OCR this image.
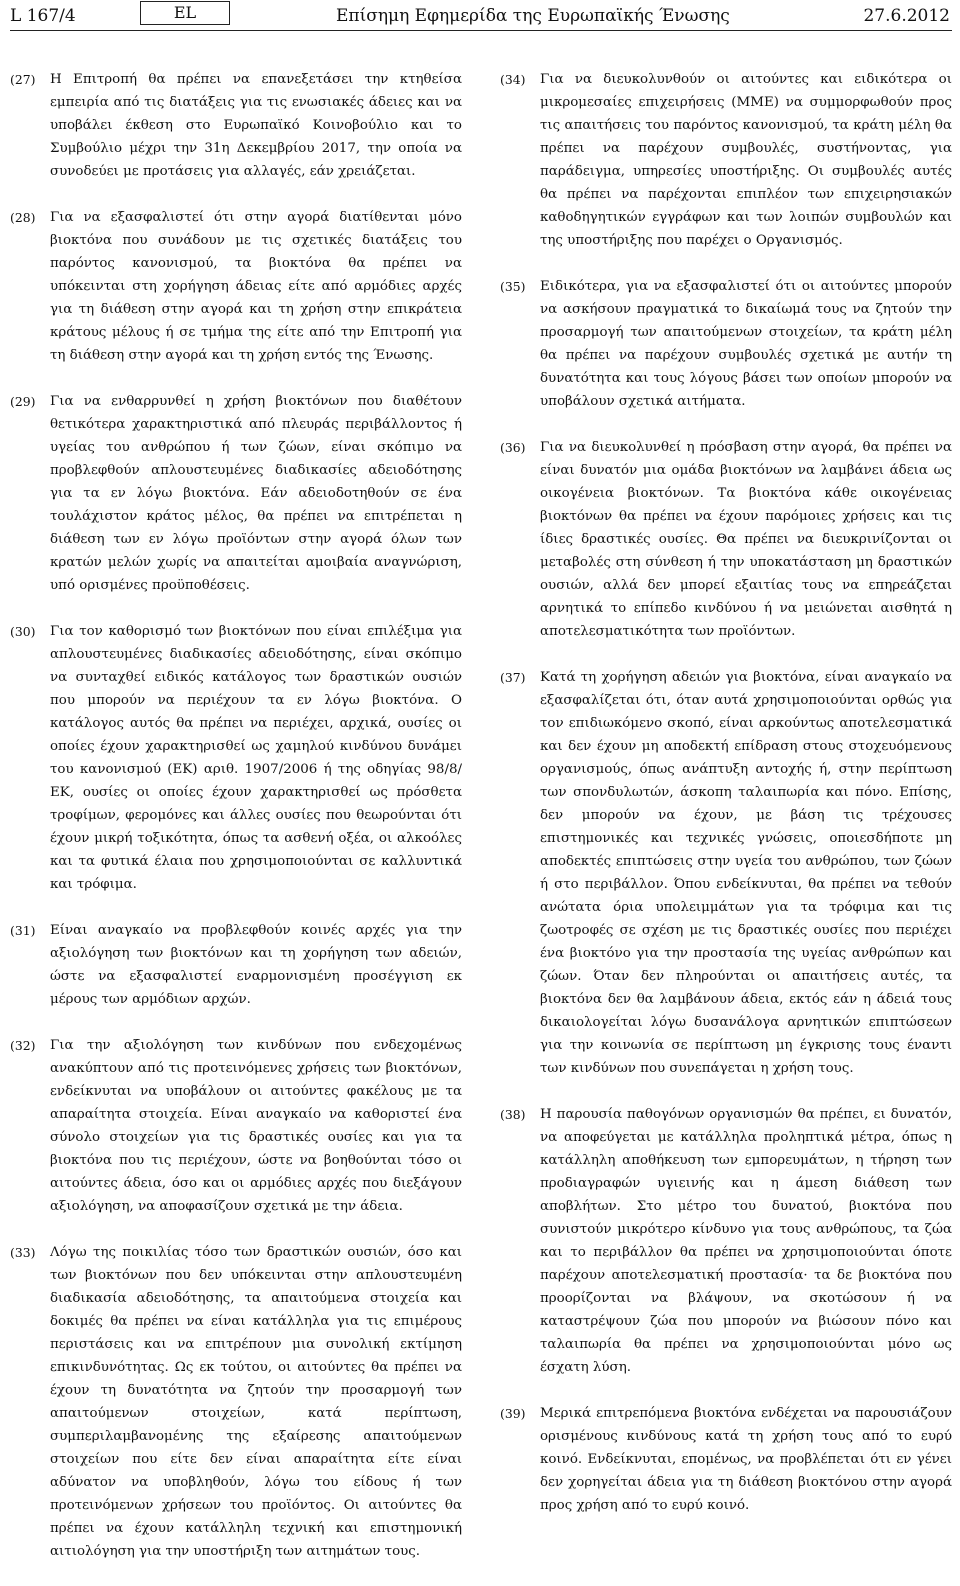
L 167/4	EL	Επίσημη Εφημερίδα της Ευρωπαϊκής Ένωσης	27.6.2012
(27)	Η Επιτροπή θα πρέπει να επανεξετάσει την κτηθείσα εμπειρία από τις διατάξεις για τις ενωσιακές άδειες και να υποβάλει έκθεση στο Ευρωπαϊκό Κοινοβούλιο και το Συμβούλιο μέχρι την 31η Δεκεμβρίου 2017, την οποία να συνοδεύει με προτάσεις για αλλαγές, εάν χρειάζεται.
(28)	Για να εξασφαλιστεί ότι στην αγορά διατίθενται μόνο βιοκτόνα που συνάδουν με τις σχετικές διατάξεις του παρόντος κανονισμού, τα βιοκτόνα θα πρέπει να υπόκεινται στη χορήγηση άδειας είτε από αρμόδιες αρχές για τη διάθεση στην αγορά και τη χρήση στην επικράτεια κράτους μέλους ή σε τμήμα της είτε από την Επιτροπή για τη διάθεση στην αγορά και τη χρήση εντός της Ένωσης.
(29)	Για να ενθαρρυνθεί η χρήση βιοκτόνων που διαθέτουν θετικότερα χαρακτηριστικά από πλευράς περιβάλλοντος ή υγείας του ανθρώπου ή των ζώων, είναι σκόπιμο να προβλεφθούν απλουστευμένες διαδικασίες αδειοδότησης για τα εν λόγω βιοκτόνα. Εάν αδειοδοτηθούν σε ένα τουλάχιστον κράτος μέλος, θα πρέπει να επιτρέπεται η διάθεση των εν λόγω προϊόντων στην αγορά όλων των κρατών μελών χωρίς να απαιτείται αμοιβαία αναγνώριση, υπό ορισμένες προϋποθέσεις.
(30)	Για τον καθορισμό των βιοκτόνων που είναι επιλέξιμα για απλουστευμένες διαδικασίες αδειοδότησης, είναι σκόπιμο να συνταχθεί ειδικός κατάλογος των δραστικών ουσιών που μπορούν να περιέχουν τα εν λόγω βιοκτόνα. Ο κατάλογος αυτός θα πρέπει να περιέχει, αρχικά, ουσίες οι οποίες έχουν χαρακτηρισθεί ως χαμηλού κινδύνου δυνάμει του κανονισμού (ΕΚ) αριθ. 1907/2006 ή της οδηγίας 98/8/ΕΚ, ουσίες οι οποίες έχουν χαρακτηρισθεί ως πρόσθετα τροφίμων, φερομόνες και άλλες ουσίες που θεωρούνται ότι έχουν μικρή τοξικότητα, όπως τα ασθενή οξέα, οι αλκοόλες και τα φυτικά έλαια που χρησιμοποιούνται σε καλλυντικά και τρόφιμα.
(31)	Είναι αναγκαίο να προβλεφθούν κοινές αρχές για την αξιολόγηση των βιοκτόνων και τη χορήγηση των αδειών, ώστε να εξασφαλιστεί εναρμονισμένη προσέγγιση εκ μέρους των αρμόδιων αρχών.
(32)	Για την αξιολόγηση των κινδύνων που ενδεχομένως ανακύπτουν από τις προτεινόμενες χρήσεις των βιοκτόνων, ενδείκνυται να υποβάλουν οι αιτούντες φακέλους με τα απαραίτητα στοιχεία. Είναι αναγκαίο να καθοριστεί ένα σύνολο στοιχείων για τις δραστικές ουσίες και για τα βιοκτόνα που τις περιέχουν, ώστε να βοηθούνται τόσο οι αιτούντες άδεια, όσο και οι αρμόδιες αρχές που διεξάγουν αξιολόγηση, να αποφασίζουν σχετικά με την άδεια.
(33)	Λόγω της ποικιλίας τόσο των δραστικών ουσιών, όσο και των βιοκτόνων που δεν υπόκεινται στην απλουστευμένη διαδικασία αδειοδότησης, τα απαιτούμενα στοιχεία και δοκιμές θα πρέπει να είναι κατάλληλα για τις επιμέρους περιστάσεις και να επιτρέπουν μια συνολική εκτίμηση επικινδυνότητας. Ως εκ τούτου, οι αιτούντες θα πρέπει να έχουν τη δυνατότητα να ζητούν την προσαρμογή των απαιτούμενων στοιχείων, κατά περίπτωση, συμπεριλαμβανομένης της εξαίρεσης απαιτούμενων στοιχείων που είτε δεν είναι απαραίτητα είτε είναι αδύνατον να υποβληθούν, λόγω του είδους ή των προτεινόμενων χρήσεων του προϊόντος. Οι αιτούντες θα πρέπει να έχουν κατάλληλη τεχνική και επιστημονική αιτιολόγηση για την υποστήριξη των αιτημάτων τους.
(34)	Για να διευκολυνθούν οι αιτούντες και ειδικότερα οι μικρομεσαίες επιχειρήσεις (ΜΜΕ) να συμμορφωθούν προς τις απαιτήσεις του παρόντος κανονισμού, τα κράτη μέλη θα πρέπει να παρέχουν συμβουλές, συστήνοντας, για παράδειγμα, υπηρεσίες υποστήριξης. Οι συμβουλές αυτές θα πρέπει να παρέχονται επιπλέον των επιχειρησιακών καθοδηγητικών εγγράφων και των λοιπών συμβουλών και της υποστήριξης που παρέχει ο Οργανισμός.
(35)	Ειδικότερα, για να εξασφαλιστεί ότι οι αιτούντες μπορούν να ασκήσουν πραγματικά το δικαίωμά τους να ζητούν την προσαρμογή των απαιτούμενων στοιχείων, τα κράτη μέλη θα πρέπει να παρέχουν συμβουλές σχετικά με αυτήν τη δυνατότητα και τους λόγους βάσει των οποίων μπορούν να υποβάλουν σχετικά αιτήματα.
(36)	Για να διευκολυνθεί η πρόσβαση στην αγορά, θα πρέπει να είναι δυνατόν μια ομάδα βιοκτόνων να λαμβάνει άδεια ως οικογένεια βιοκτόνων. Τα βιοκτόνα κάθε οικογένειας βιοκτόνων θα πρέπει να έχουν παρόμοιες χρήσεις και τις ίδιες δραστικές ουσίες. Θα πρέπει να διευκρινίζονται οι μεταβολές στη σύνθεση ή την υποκατάσταση μη δραστικών ουσιών, αλλά δεν μπορεί εξαιτίας τους να επηρεάζεται αρνητικά το επίπεδο κινδύνου ή να μειώνεται αισθητά η αποτελεσματικότητα των προϊόντων.
(37)	Κατά τη χορήγηση αδειών για βιοκτόνα, είναι αναγκαίο να εξασφαλίζεται ότι, όταν αυτά χρησιμοποιούνται ορθώς για τον επιδιωκόμενο σκοπό, είναι αρκούντως αποτελεσματικά και δεν έχουν μη αποδεκτή επίδραση στους στοχευόμενους οργανισμούς, όπως ανάπτυξη αντοχής ή, στην περίπτωση των σπονδυλωτών, άσκοπη ταλαιπωρία και πόνο. Επίσης, δεν μπορούν να έχουν, με βάση τις τρέχουσες επιστημονικές και τεχνικές γνώσεις, οποιεσδήποτε μη αποδεκτές επιπτώσεις στην υγεία του ανθρώπου, των ζώων ή στο περιβάλλον. Όπου ενδείκνυται, θα πρέπει να τεθούν ανώτατα όρια υπολειμμάτων για τα τρόφιμα και τις ζωοτροφές σε σχέση με τις δραστικές ουσίες που περιέχει ένα βιοκτόνο για την προστασία της υγείας ανθρώπων και ζώων. Όταν δεν πληρούνται οι απαιτήσεις αυτές, τα βιοκτόνα δεν θα λαμβάνουν άδεια, εκτός εάν η άδειά τους δικαιολογείται λόγω δυσανάλογα αρνητικών επιπτώσεων για την κοινωνία σε περίπτωση μη έγκρισης τους έναντι των κινδύνων που συνεπάγεται η χρήση τους.
(38)	Η παρουσία παθογόνων οργανισμών θα πρέπει, ει δυνατόν, να αποφεύγεται με κατάλληλα προληπτικά μέτρα, όπως η κατάλληλη αποθήκευση των εμπορευμάτων, η τήρηση των προδιαγραφών υγιεινής και η άμεση διάθεση των αποβλήτων. Στο μέτρο του δυνατού, βιοκτόνα που συνιστούν μικρότερο κίνδυνο για τους ανθρώπους, τα ζώα και το περιβάλλον θα πρέπει να χρησιμοποιούνται όποτε παρέχουν αποτελεσματική προστασία· τα δε βιοκτόνα που προορίζονται να βλάψουν, να σκοτώσουν ή να καταστρέψουν ζώα που μπορούν να βιώσουν πόνο και ταλαιπωρία θα πρέπει να χρησιμοποιούνται μόνο ως έσχατη λύση.
(39)	Μερικά επιτρεπόμενα βιοκτόνα ενδέχεται να παρουσιάζουν ορισμένους κινδύνους κατά τη χρήση τους από το ευρύ κοινό. Ενδείκνυται, επομένως, να προβλέπεται ότι εν γένει δεν χορηγείται άδεια για τη διάθεση βιοκτόνου στην αγορά προς χρήση από το ευρύ κοινό.
